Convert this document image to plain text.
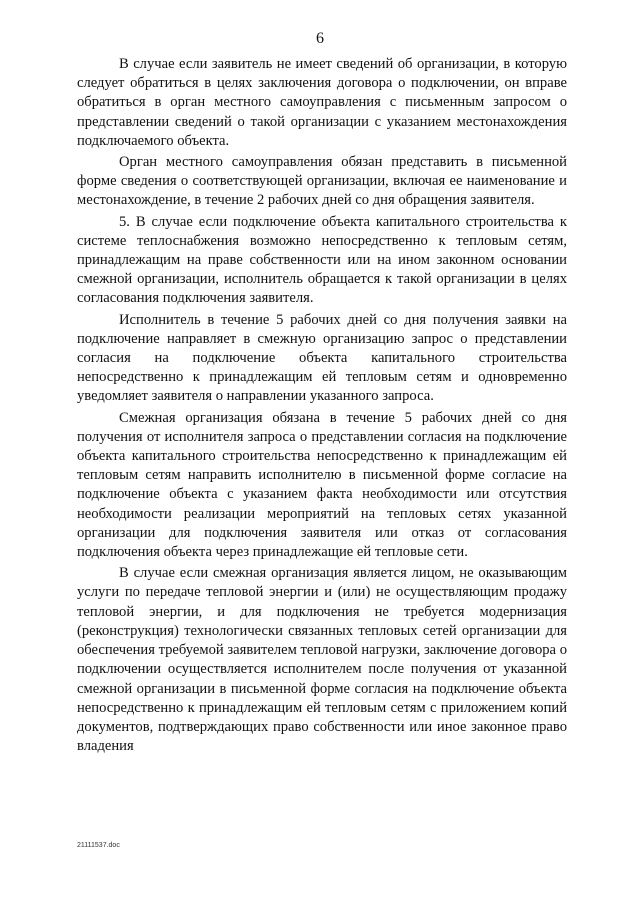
6

В случае если заявитель не имеет сведений об организации, в которую следует обратиться в целях заключения договора о подключении, он вправе обратиться в орган местного самоуправления с письменным запросом о представлении сведений о такой организации с указанием местонахождения подключаемого объекта.

Орган местного самоуправления обязан представить в письменной форме сведения о соответствующей организации, включая ее наименование и местонахождение, в течение 2 рабочих дней со дня обращения заявителя.

5. В случае если подключение объекта капитального строительства к системе теплоснабжения возможно непосредственно к тепловым сетям, принадлежащим на праве собственности или на ином законном основании смежной организации, исполнитель обращается к такой организации в целях согласования подключения заявителя.

Исполнитель в течение 5 рабочих дней со дня получения заявки на подключение направляет в смежную организацию запрос о представлении согласия на подключение объекта капитального строительства непосредственно к принадлежащим ей тепловым сетям и одновременно уведомляет заявителя о направлении указанного запроса.

Смежная организация обязана в течение 5 рабочих дней со дня получения от исполнителя запроса о представлении согласия на подключение объекта капитального строительства непосредственно к принадлежащим ей тепловым сетям направить исполнителю в письменной форме согласие на подключение объекта с указанием факта необходимости или отсутствия необходимости реализации мероприятий на тепловых сетях указанной организации для подключения заявителя или отказ от согласования подключения объекта через принадлежащие ей тепловые сети.

В случае если смежная организация является лицом, не оказывающим услуги по передаче тепловой энергии и (или) не осуществляющим продажу тепловой энергии, и для подключения не требуется модернизация (реконструкция) технологически связанных тепловых сетей организации для обеспечения требуемой заявителем тепловой нагрузки, заключение договора о подключении осуществляется исполнителем после получения от указанной смежной организации в письменной форме согласия на подключение объекта непосредственно к принадлежащим ей тепловым сетям с приложением копий документов, подтверждающих право собственности или иное законное право владения

21111537.doc
